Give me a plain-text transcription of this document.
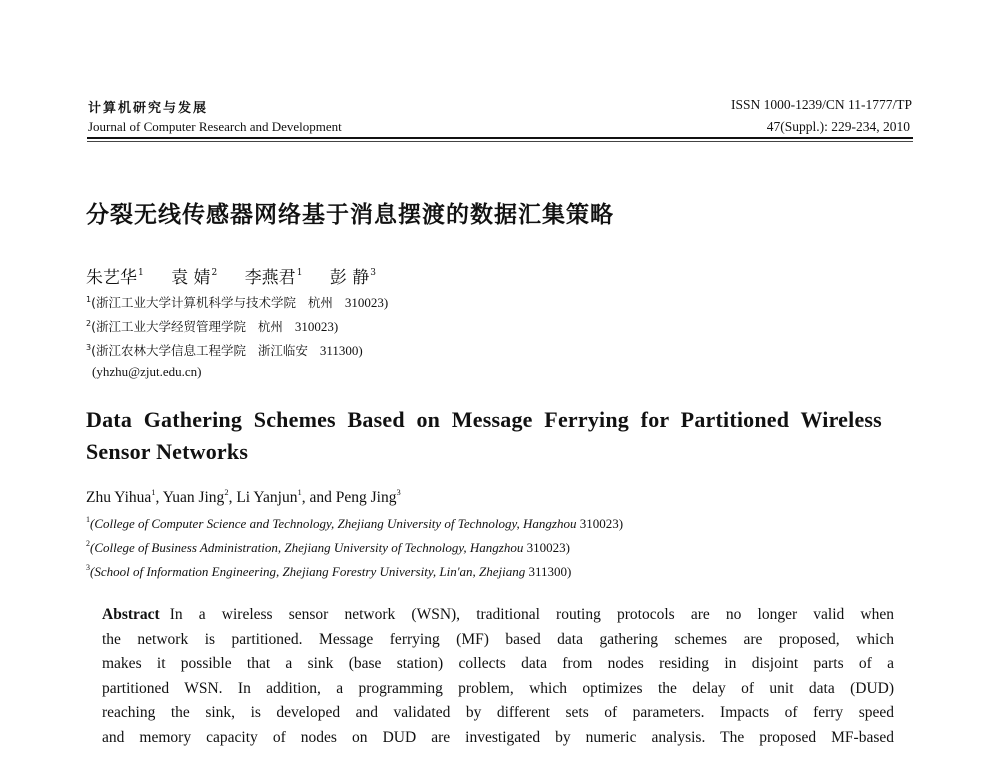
计算机研究与发展
Journal of Computer Research and Development
ISSN 1000-1239/CN 11-1777/TP
47(Suppl.): 229-234, 2010
分裂无线传感器网络基于消息摆渡的数据汇集策略
朱艺华$^1$ 袁 婧$^2$ 李燕君$^1$ 彭 静$^3$
$^1$(浙江工业大学计算机科学与技术学院 杭州 310023)
$^2$(浙江工业大学经贸管理学院 杭州 310023)
$^3$(浙江农林大学信息工程学院 浙江临安 311300)
(yhzhu@zjut.edu.cn)
Data Gathering Schemes Based on Message Ferrying for Partitioned Wireless
Sensor Networks
Zhu Yihua$^1$, Yuan Jing$^2$, Li Yanjun$^1$, and Peng Jing$^3$
$^1$(College of Computer Science and Technology, Zhejiang University of Technology, Hangzhou 310023)
$^2$(College of Business Administration, Zhejiang University of Technology, Hangzhou 310023)
$^3$(School of Information Engineering, Zhejiang Forestry University, Lin'an, Zhejiang 311300)
Abstract In a wireless sensor network (WSN), traditional routing protocols are no longer valid when
the network is partitioned. Message ferrying (MF) based data gathering schemes are proposed, which
makes it possible that a sink (base station) collects data from nodes residing in disjoint parts of a
partitioned WSN. In addition, a programming problem, which optimizes the delay of unit data (DUD)
reaching the sink, is developed and validated by different sets of parameters. Impacts of ferry speed
and memory capacity of nodes on DUD are investigated by numeric analysis. The proposed MF-based
